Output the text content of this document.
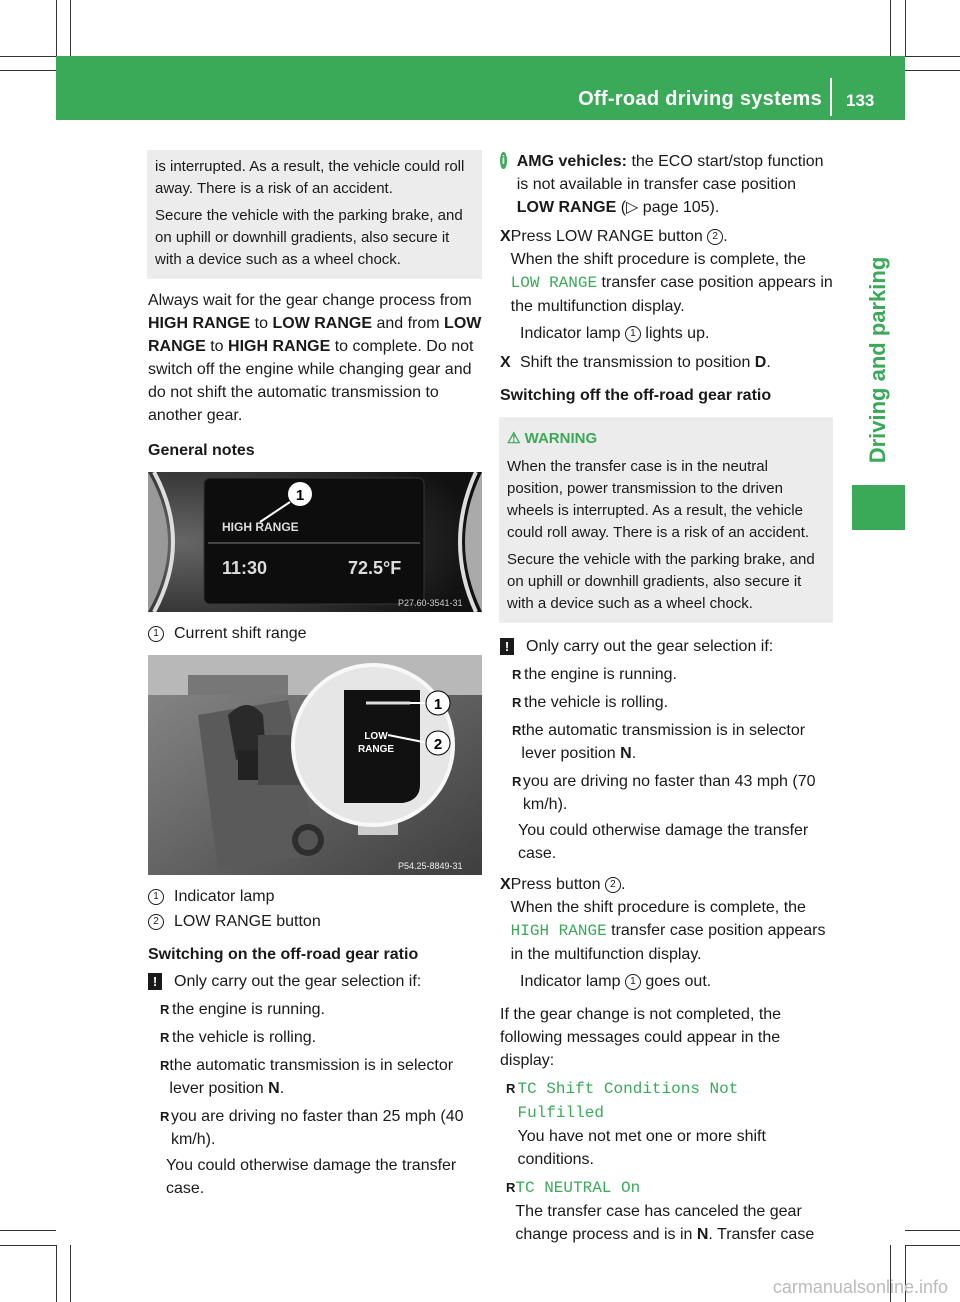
Off-road driving systems 133
Driving and parking

is interrupted. As a result, the vehicle could roll away. There is a risk of an accident.

Secure the vehicle with the parking brake, and on uphill or downhill gradients, also secure it with a device such as a wheel chock.

Always wait for the gear change process from HIGH RANGE to LOW RANGE and from LOW RANGE to HIGH RANGE to complete. Do not switch off the engine while changing gear and do not shift the automatic transmission to another gear.

General notes

1
HIGH RANGE
11:30	72.5°F
P27.60-3541-31
1 Current shift range
LOW
RANGE
1
2
P54.25-8849-31
1 Indicator lamp
2 LOW RANGE button

Switching on the off-road gear ratio

!	Only carry out the gear selection if:
R the engine is running.
R the vehicle is rolling.
R the automatic transmission is in selector lever position N.
R you are driving no faster than 25 mph (40 km/h).

You could otherwise damage the transfer case.

i AMG vehicles: the ECO start/stop function is not available in transfer case position LOW RANGE (▷ page 105).
X Press LOW RANGE button 2 .
When the shift procedure is complete, the LOW RANGE transfer case position appears in the multifunction display.

Indicator lamp 1 lights up.

X Shift the transmission to position D.

Switching off the off-road gear ratio

⚠ WARNING

When the transfer case is in the neutral position, power transmission to the driven wheels is interrupted. As a result, the vehicle could roll away. There is a risk of an accident.

Secure the vehicle with the parking brake, and on uphill or downhill gradients, also secure it with a device such as a wheel chock.

!	Only carry out the gear selection if:
R the engine is running.
R the vehicle is rolling.
R the automatic transmission is in selector lever position N.
R you are driving no faster than 43 mph (70 km/h).

You could otherwise damage the transfer case.

X Press button 2 .
When the shift procedure is complete, the HIGH RANGE transfer case position appears in the multifunction display.

Indicator lamp 1 goes out.

If the gear change is not completed, the following messages could appear in the display:

R TC Shift Conditions Not Fulfilled
You have not met one or more shift conditions.
R TC NEUTRAL On
The transfer case has canceled the gear change process and is in N. Transfer case
carmanualsonline.info
